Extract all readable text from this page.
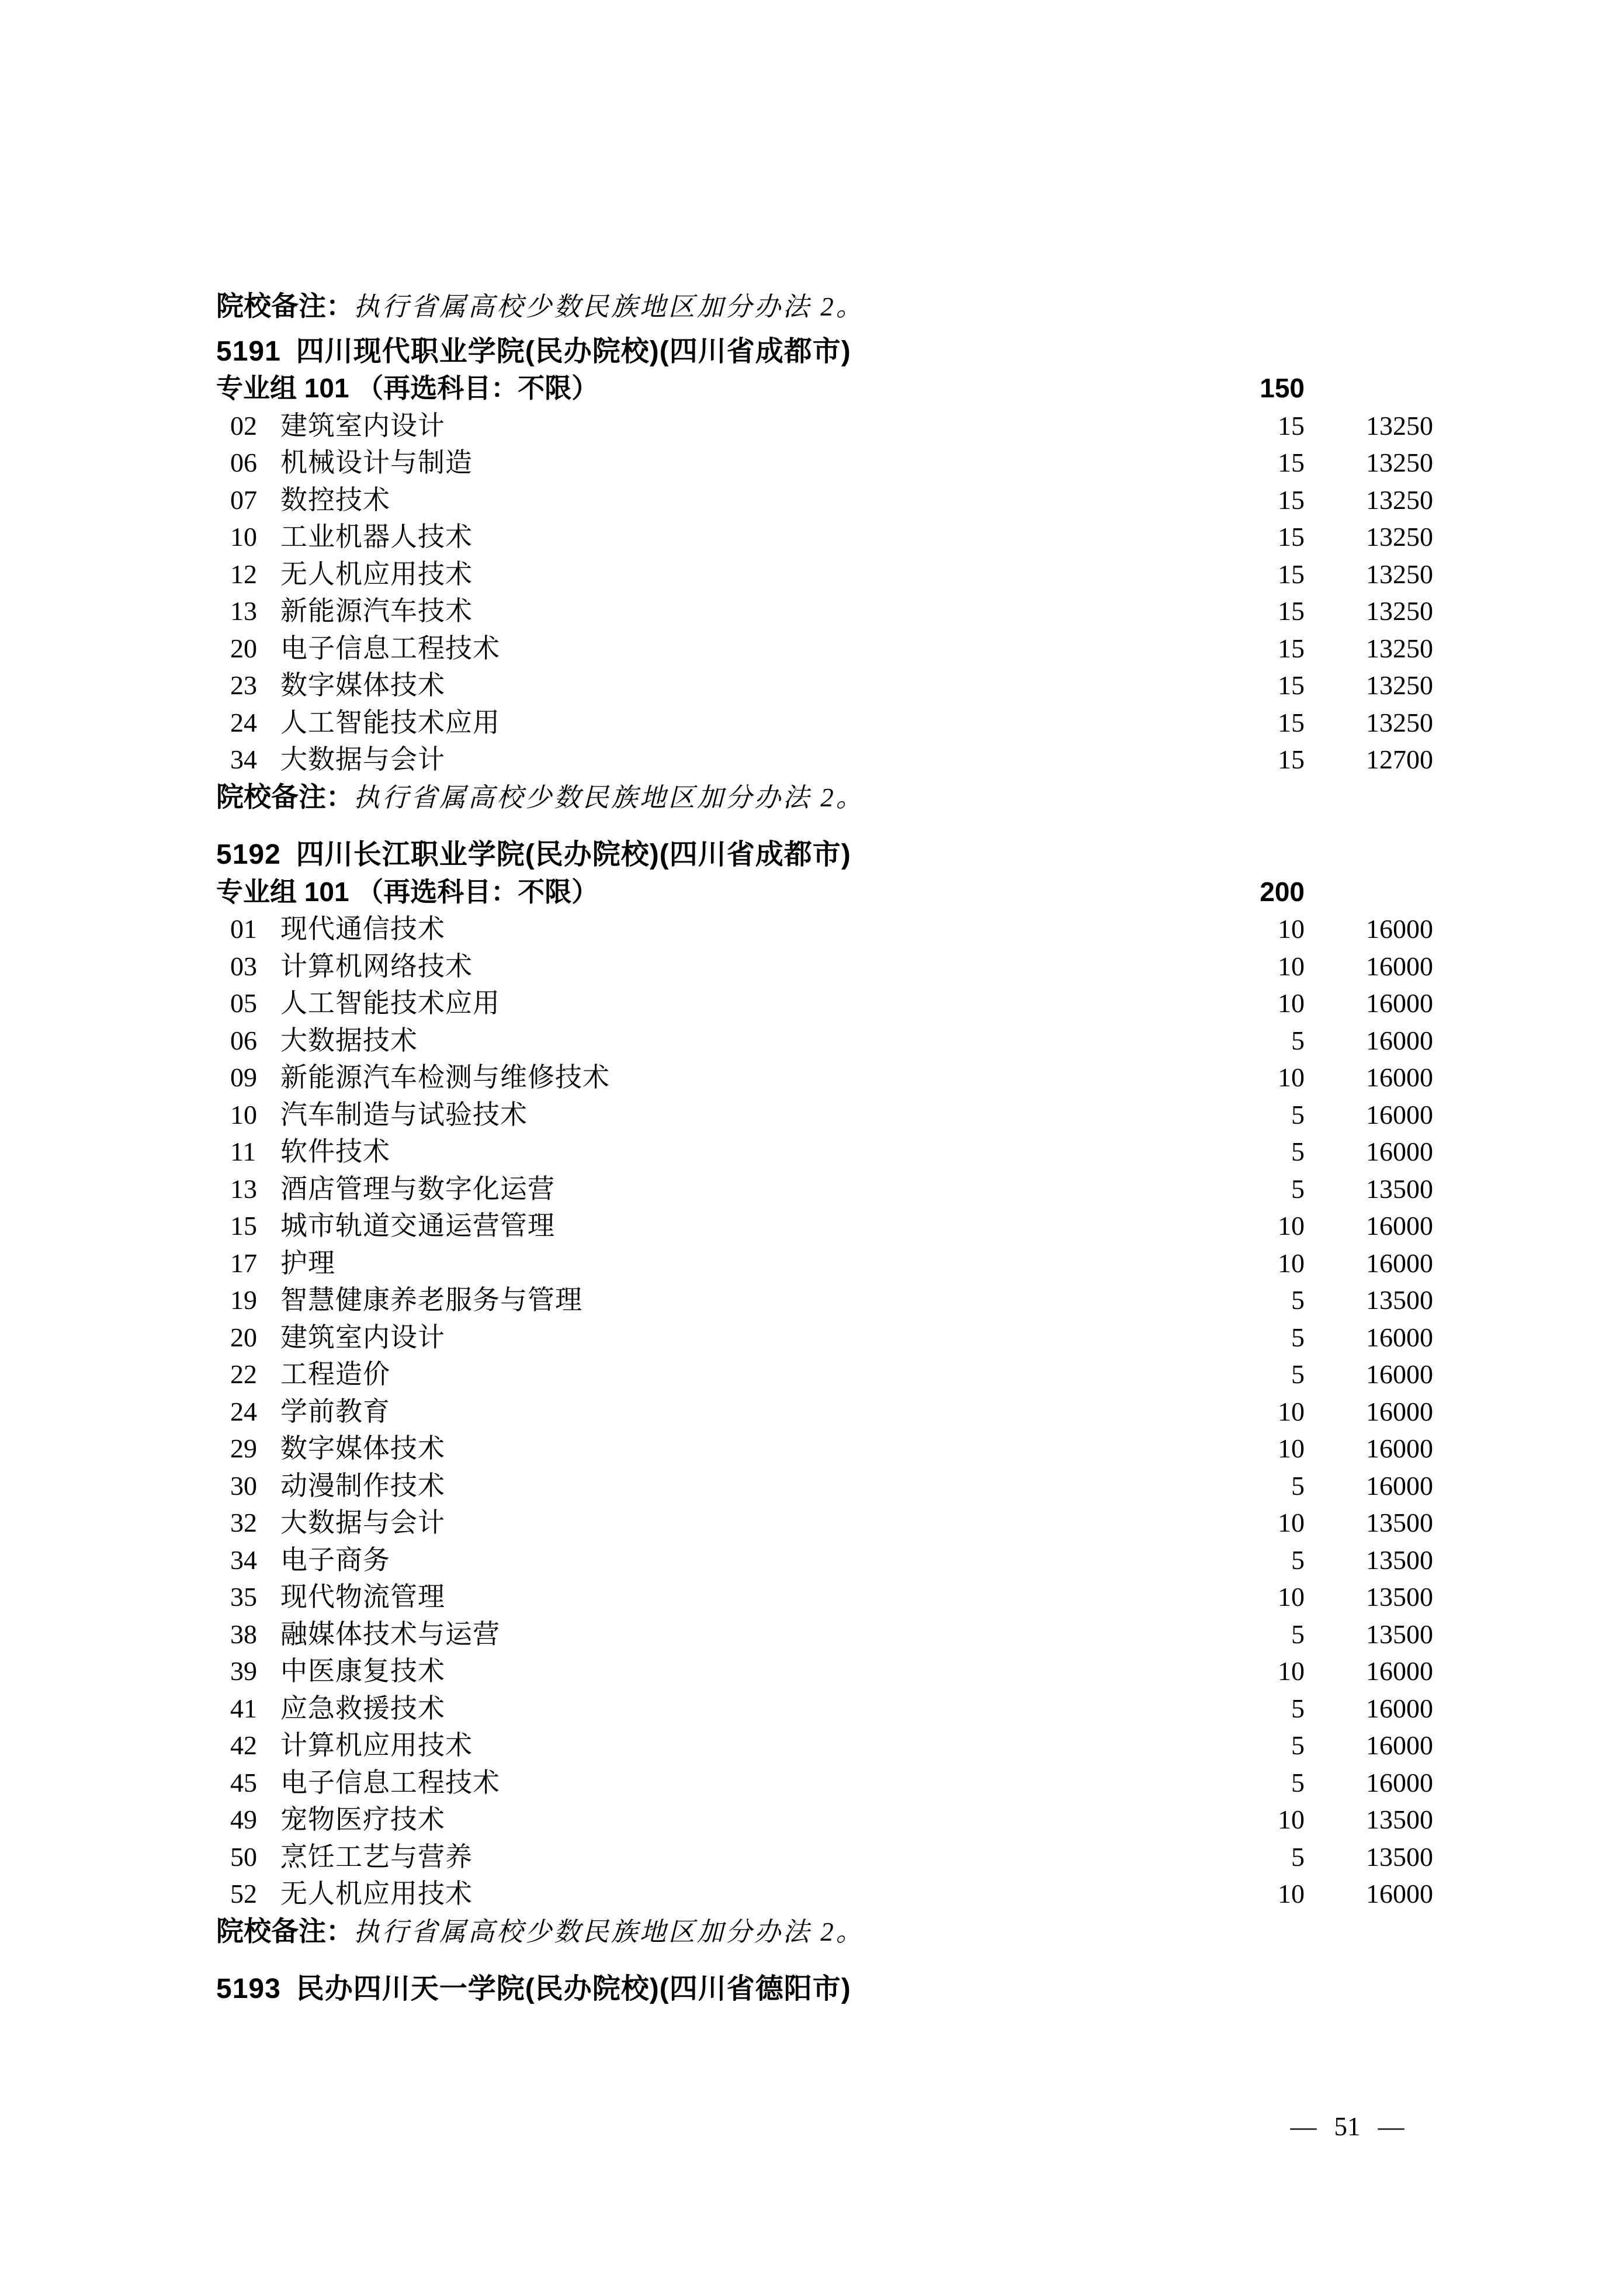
院校备注：执行省属高校少数民族地区加分办法 2。
5191 四川现代职业学院(民办院校)(四川省成都市)
专业组 101 （再选科目：不限）	150
02 建筑室内设计	15 13250
06 机械设计与制造	15 13250
07 数控技术	15 13250
10 工业机器人技术	15 13250
12 无人机应用技术	15 13250
13 新能源汽车技术	15 13250
20 电子信息工程技术	15 13250
23 数字媒体技术	15 13250
24 人工智能技术应用	15 13250
34 大数据与会计	15 12700
院校备注：执行省属高校少数民族地区加分办法 2。
5192 四川长江职业学院(民办院校)(四川省成都市)
专业组 101 （再选科目：不限）	200
01 现代通信技术	10 16000
03 计算机网络技术	10 16000
05 人工智能技术应用	10 16000
06 大数据技术	5 16000
09 新能源汽车检测与维修技术	10 16000
10 汽车制造与试验技术	5 16000
11 软件技术	5 16000
13 酒店管理与数字化运营	5 13500
15 城市轨道交通运营管理	10 16000
17 护理	10 16000
19 智慧健康养老服务与管理	5 13500
20 建筑室内设计	5 16000
22 工程造价	5 16000
24 学前教育	10 16000
29 数字媒体技术	10 16000
30 动漫制作技术	5 16000
32 大数据与会计	10 13500
34 电子商务	5 13500
35 现代物流管理	10 13500
38 融媒体技术与运营	5 13500
39 中医康复技术	10 16000
41 应急救援技术	5 16000
42 计算机应用技术	5 16000
45 电子信息工程技术	5 16000
49 宠物医疗技术	10 13500
50 烹饪工艺与营养	5 13500
52 无人机应用技术	10 16000
院校备注：执行省属高校少数民族地区加分办法 2。
5193 民办四川天一学院(民办院校)(四川省德阳市)
— 51 —
